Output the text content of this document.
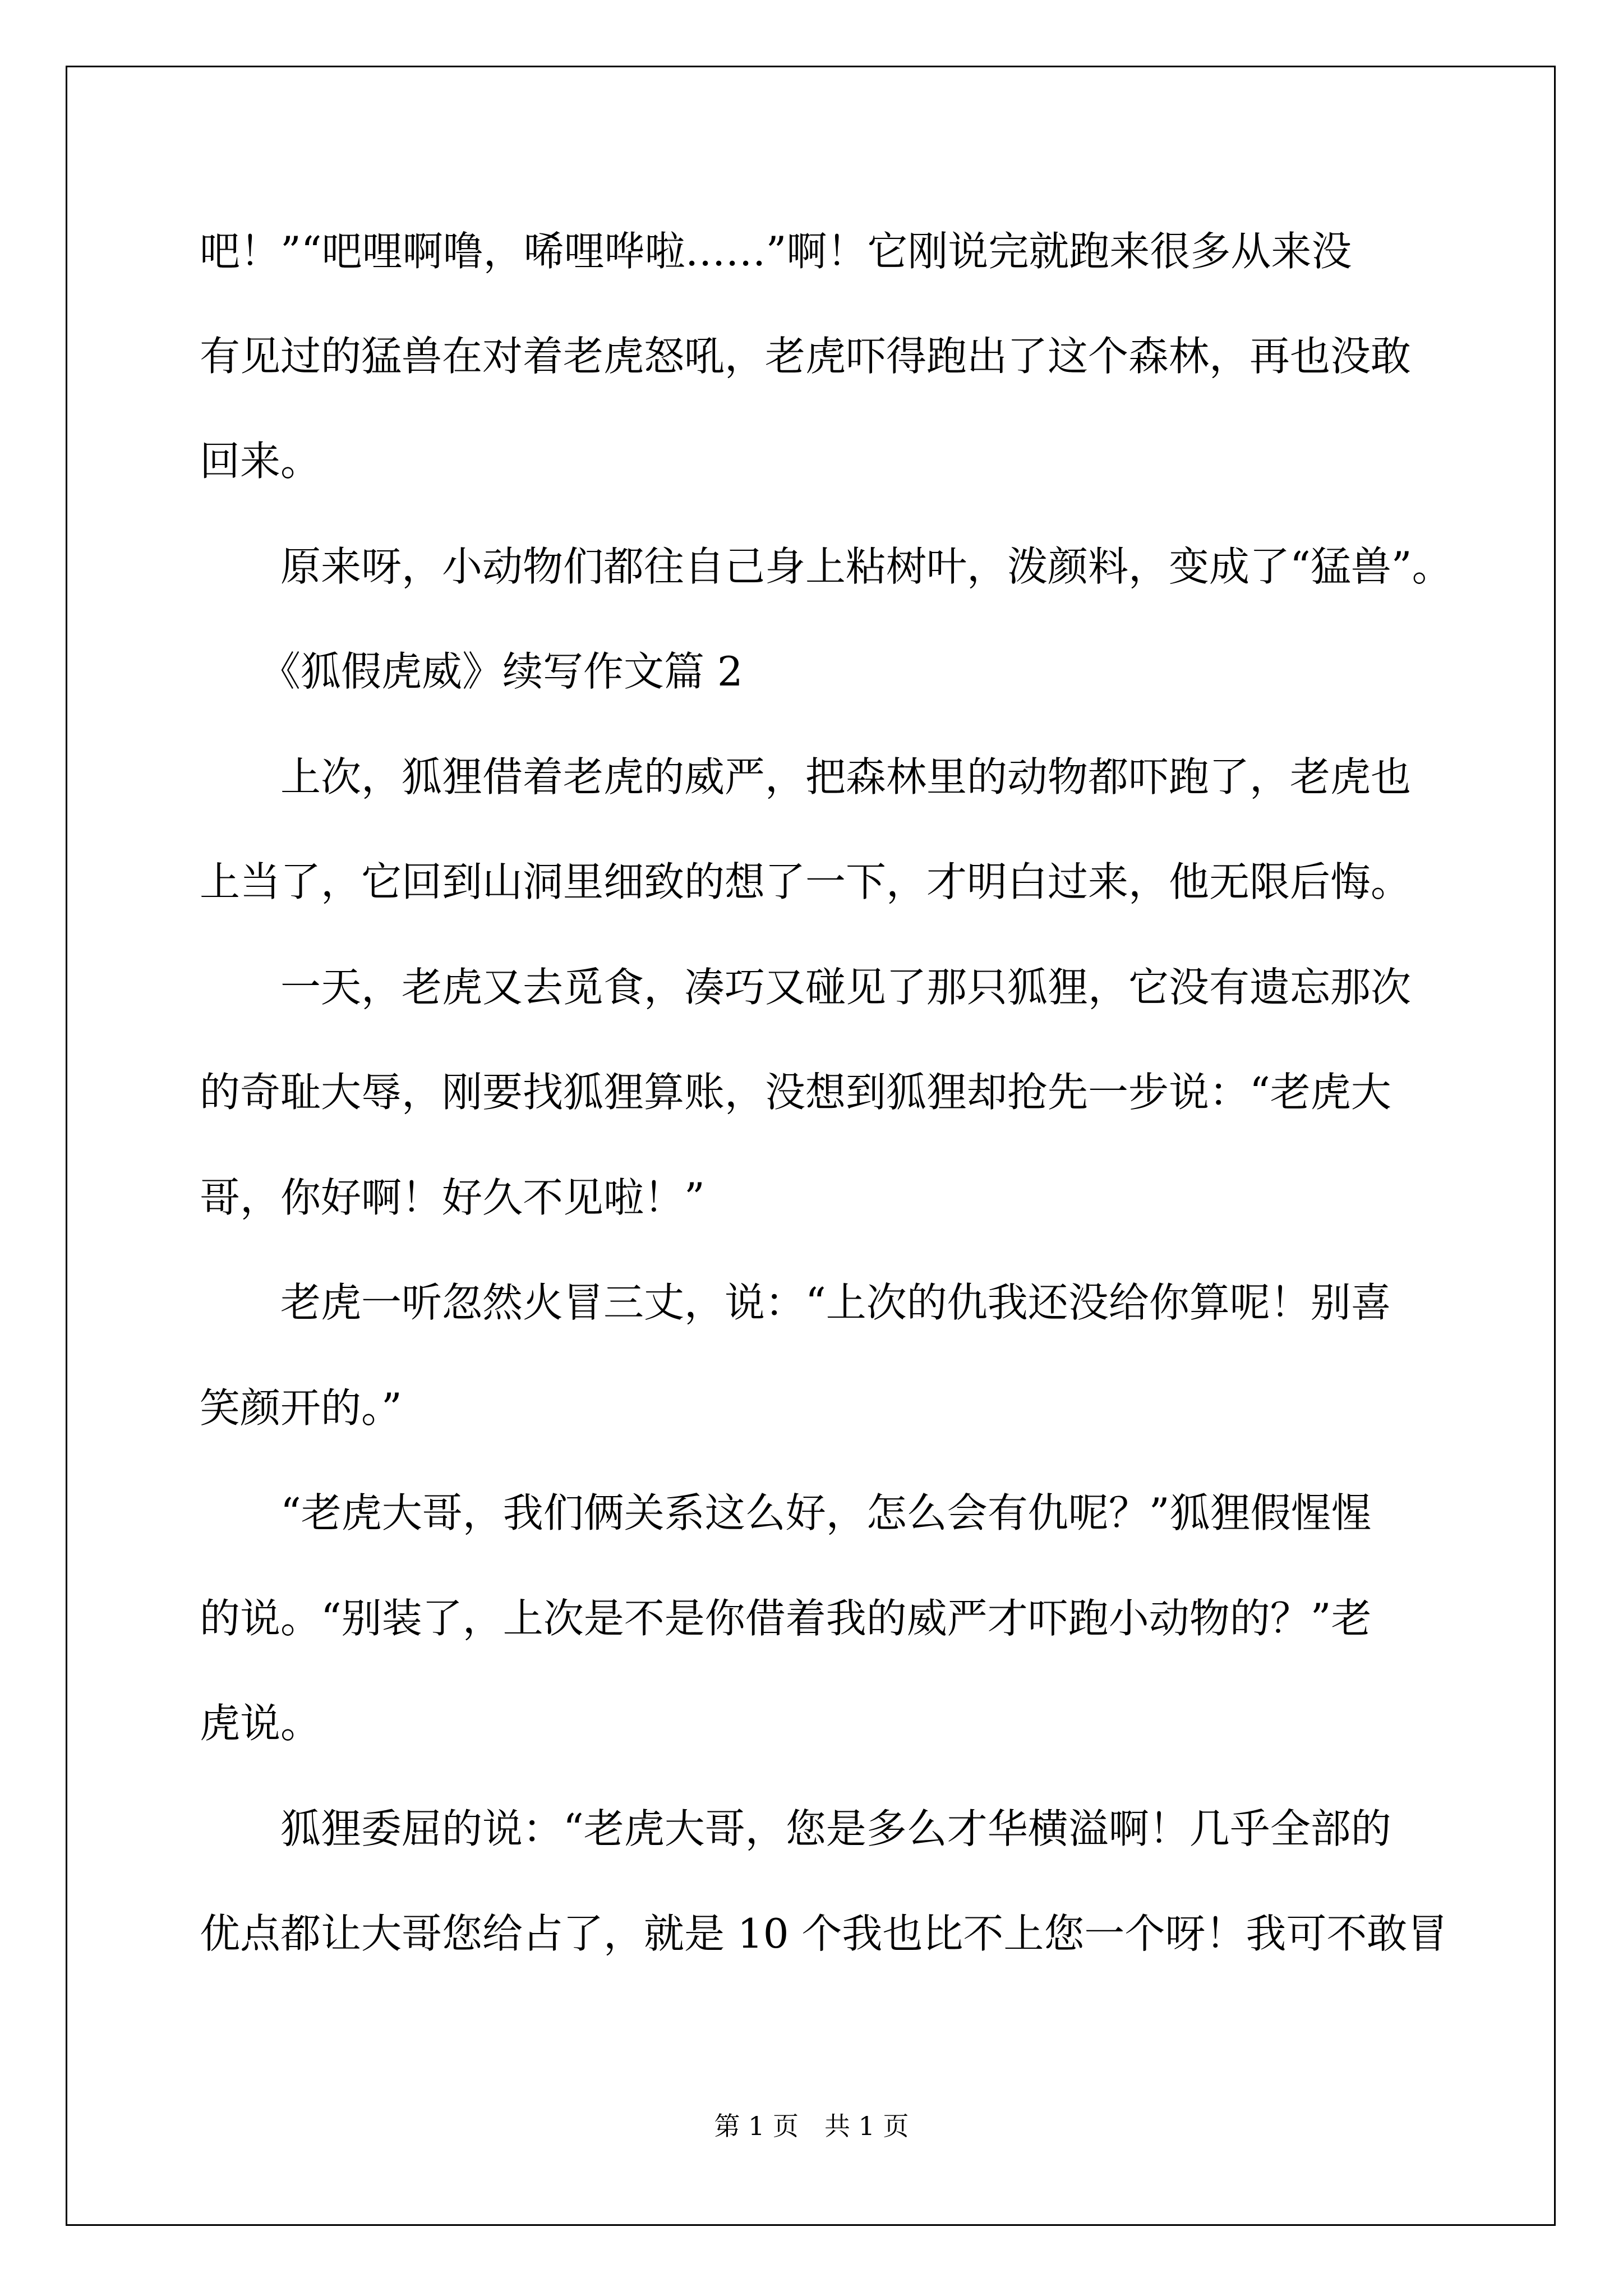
吧！”“吧哩啊噜，唏哩哗啦……”啊！它刚说完就跑来很多从来没
有见过的猛兽在对着老虎怒吼，老虎吓得跑出了这个森林，再也没敢
回来。
　　原来呀，小动物们都往自己身上粘树叶，泼颜料，变成了“猛兽”。
　　《狐假虎威》续写作文篇 2
　　上次，狐狸借着老虎的威严，把森林里的动物都吓跑了，老虎也
上当了，它回到山洞里细致的想了一下，才明白过来，他无限后悔。
　　一天，老虎又去觅食，凑巧又碰见了那只狐狸，它没有遗忘那次
的奇耻大辱，刚要找狐狸算账，没想到狐狸却抢先一步说：“老虎大
哥，你好啊！好久不见啦！”
　　老虎一听忽然火冒三丈，说：“上次的仇我还没给你算呢！别喜
笑颜开的。”
　　“老虎大哥，我们俩关系这么好，怎么会有仇呢？”狐狸假惺惺
的说。“别装了，上次是不是你借着我的威严才吓跑小动物的？”老
虎说。
　　狐狸委屈的说：“老虎大哥，您是多么才华横溢啊！几乎全部的
优点都让大哥您给占了，就是 10 个我也比不上您一个呀！我可不敢冒
第 1 页　共 1 页
